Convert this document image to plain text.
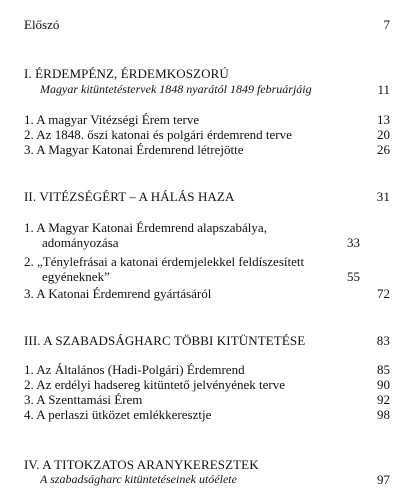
Előszó	7
I. ÉRDEMPÉNZ, ÉRDEMKOSZORÚ
Magyar kitüntetéstervek 1848 nyarától 1849 februárjáig	11
1. A magyar Vitézségi Érem terve	13
2. Az 1848. őszi katonai és polgári érdemrend terve	20
3. A Magyar Katonai Érdemrend létrejötte	26
II. VITÉZSÉGÉRT – A HÁLÁS HAZA	31
1. A Magyar Katonai Érdemrend alapszabálya, adományozása	33
2. „Ténylefrásai a katonai érdemjelekkel feldíszesített egyéneknek”	55
3. A Katonai Érdemrend gyártásáról	72
III. A SZABADSÁGHARC TÖBBI KITÜNTETÉSE	83
1. Az Általános (Hadi-Polgári) Érdemrend	85
2. Az erdélyi hadsereg kitüntető jelvényének terve	90
3. A Szenttamási Érem	92
4. A perlaszi ütközet emlékkeresztje	98
IV. A TITOKZATOS ARANYKERESZTEK
A szabadságharc kitüntetéseinek utóélete	97
